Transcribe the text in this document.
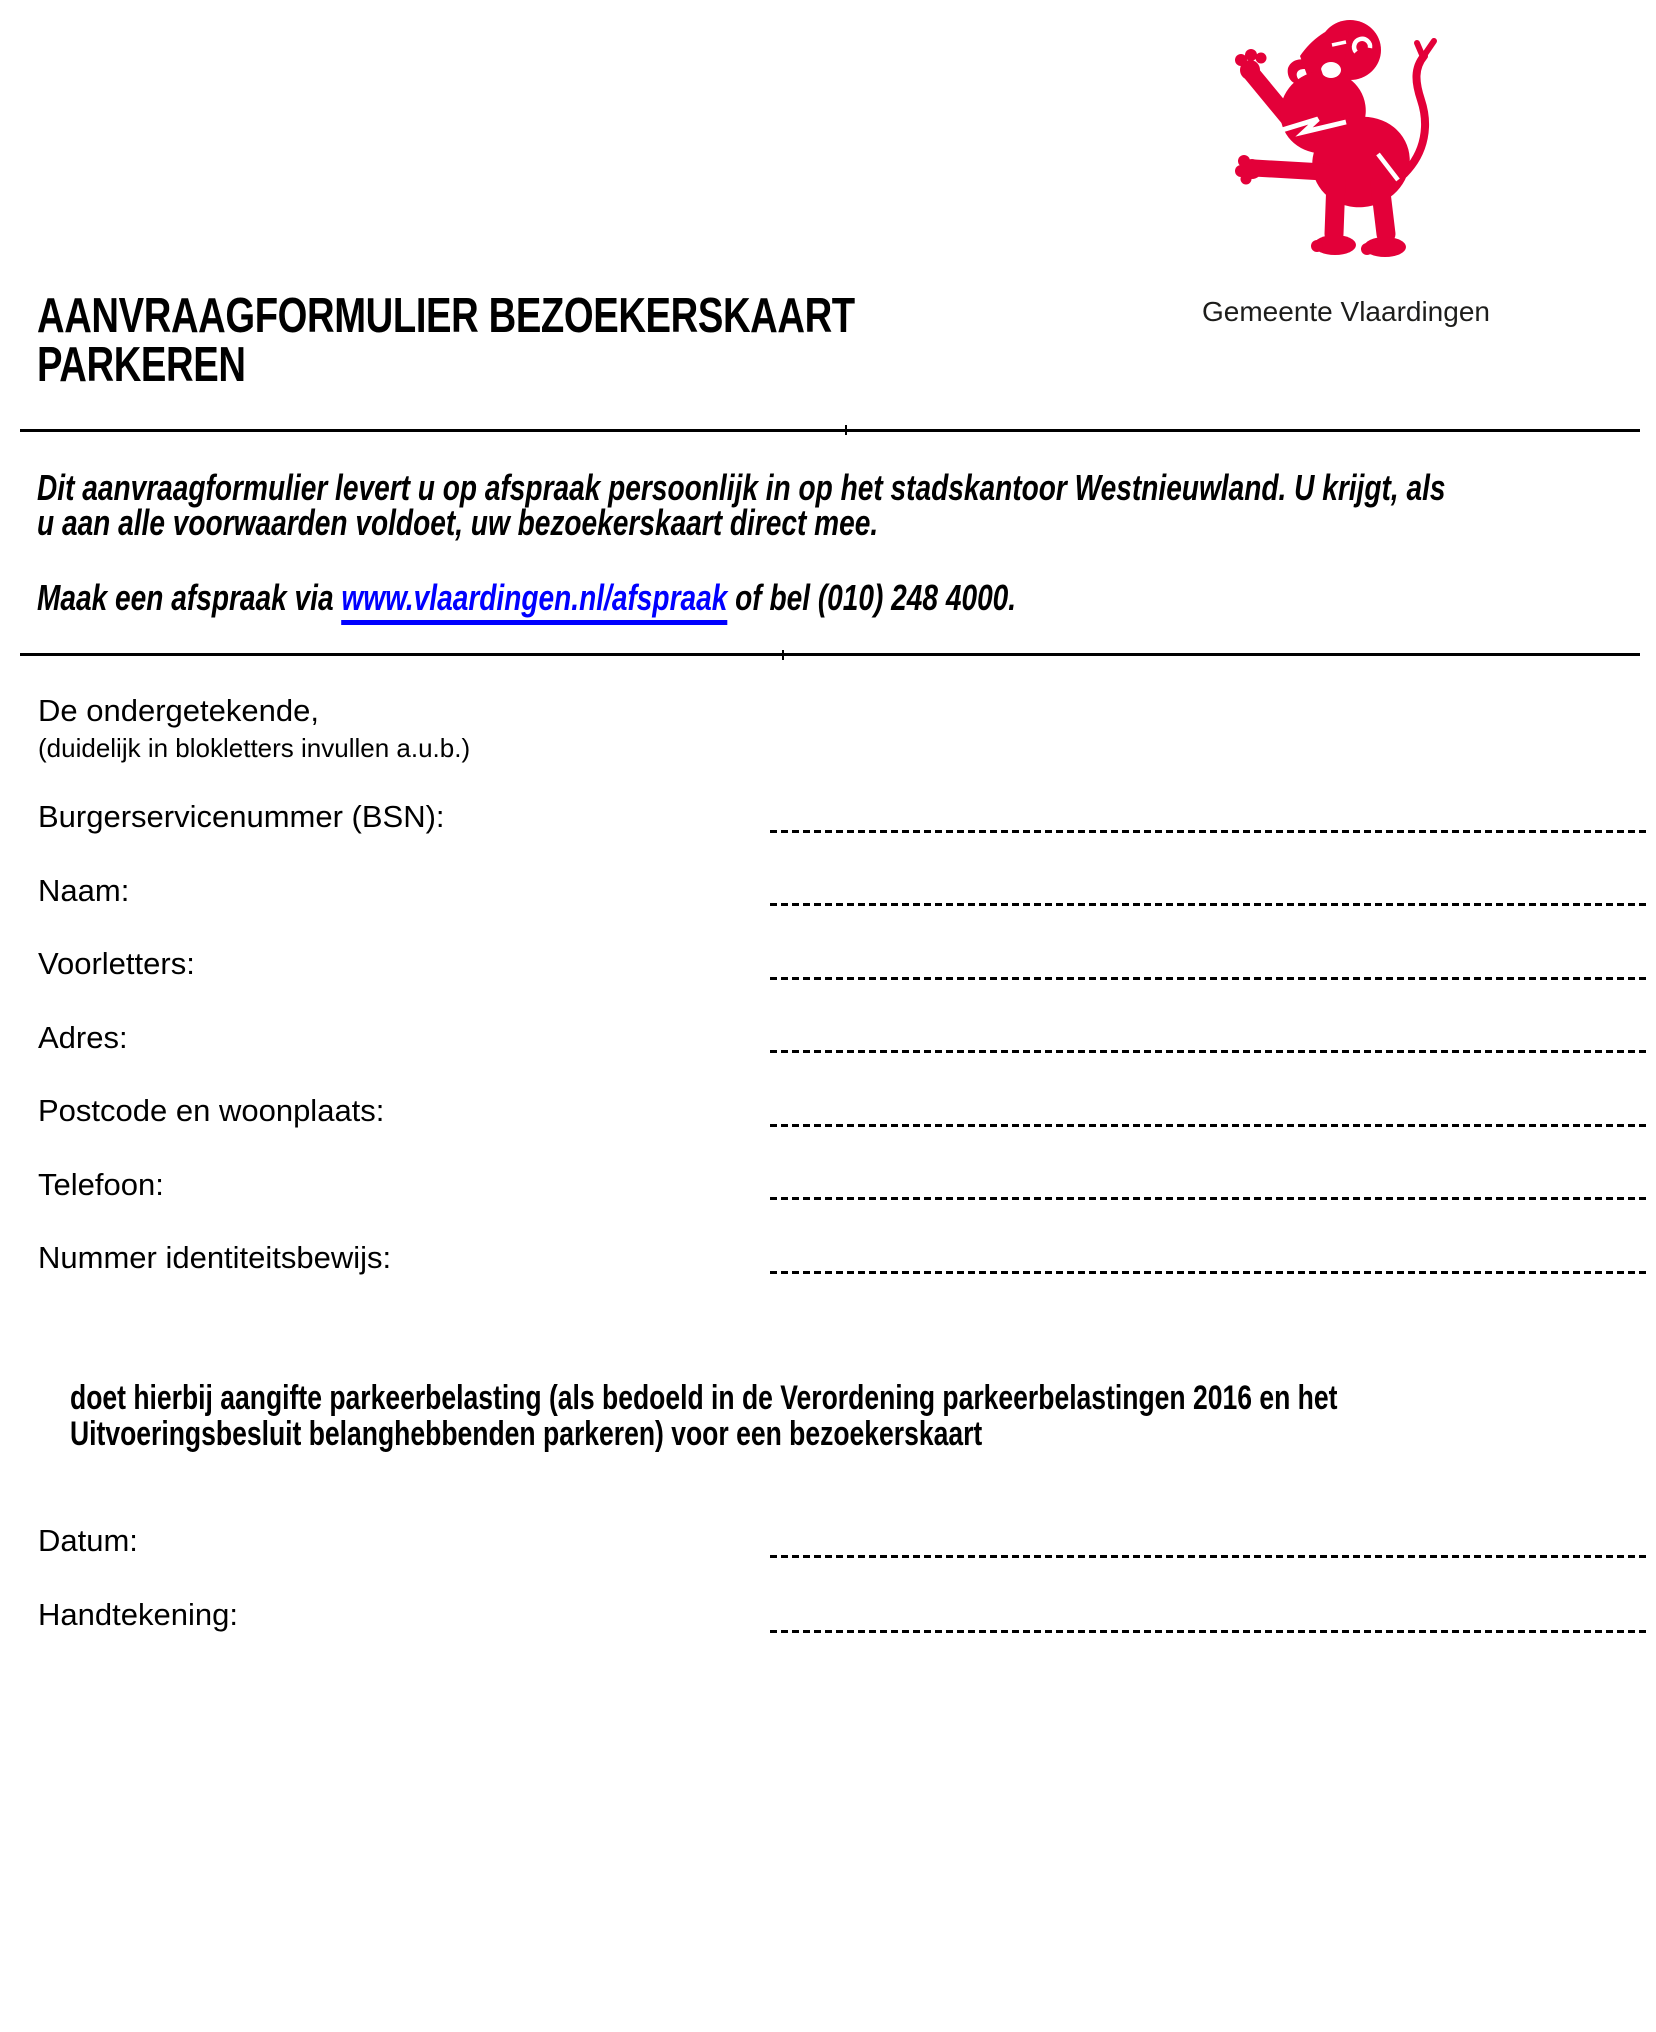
Gemeente Vlaardingen
AANVRAAGFORMULIER BEZOEKERSKAART
PARKEREN
Dit aanvraagformulier levert u op afspraak persoonlijk in op het stadskantoor Westnieuwland. U krijgt, als
u aan alle voorwaarden voldoet, uw bezoekerskaart direct mee.
Maak een afspraak via www.vlaardingen.nl/afspraak of bel (010) 248 4000.
De ondergetekende,
(duidelijk in blokletters invullen a.u.b.)
Burgerservicenummer (BSN):
Naam:
Voorletters:
Adres:
Postcode en woonplaats:
Telefoon:
Nummer identiteitsbewijs:
doet hierbij aangifte parkeerbelasting (als bedoeld in de Verordening parkeerbelastingen 2016 en het
Uitvoeringsbesluit belanghebbenden parkeren) voor een bezoekerskaart
Datum:
Handtekening:
